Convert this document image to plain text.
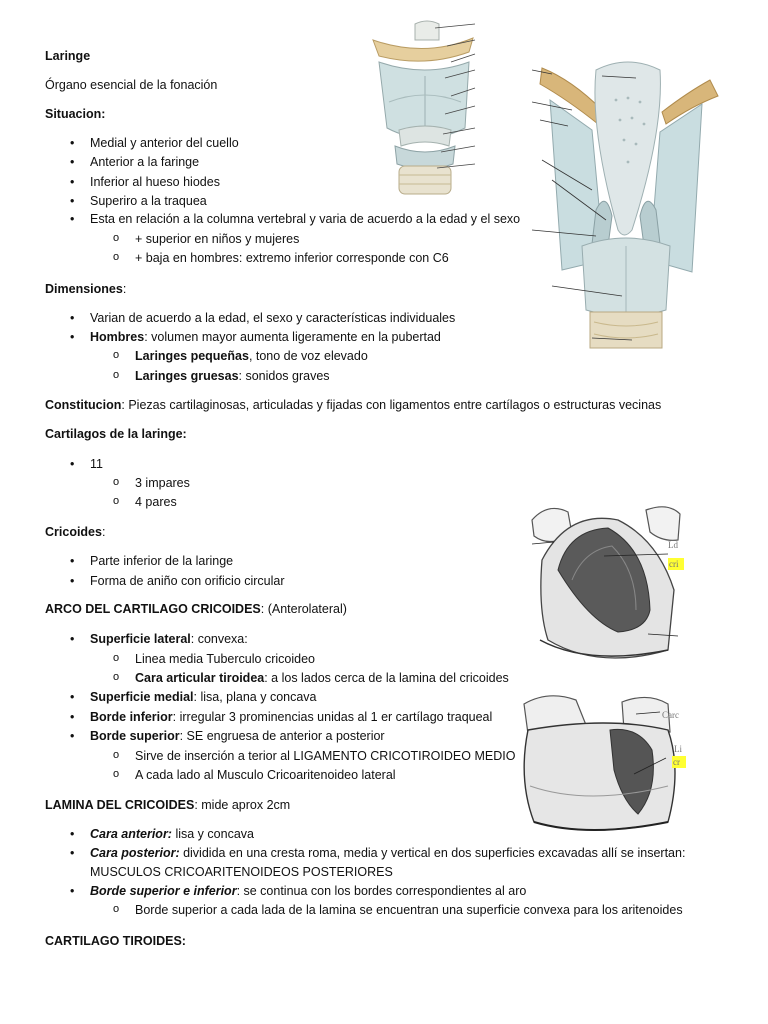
Laringe
Órgano esencial de la fonación
Situacion:
• Medial y anterior del cuello
• Anterior a la faringe
• Inferior al hueso hiodes
• Superiro a la traquea
• Esta en relación a la columna vertebral y varia de acuerdo a la edad y el sexo
o + superior en niños y mujeres
o + baja en hombres: extremo inferior corresponde con C6
Dimensiones:
• Varian de acuerdo a la edad, el sexo y características individuales
• Hombres: volumen mayor aumenta ligeramente en la pubertad
o Laringes pequeñas, tono de voz elevado
o Laringes gruesas: sonidos graves
Constitucion: Piezas cartilaginosas, articuladas y fijadas con ligamentos entre cartílagos o estructuras vecinas
Cartilagos de la laringe:
• 11
o 3 impares
o 4 pares
Cricoides:
• Parte inferior de la laringe
• Forma de aniño con orificio circular
ARCO DEL CARTILAGO CRICOIDES: (Anterolateral)
• Superficie lateral: convexa:
o Linea media Tuberculo cricoideo
o Cara articular tiroidea: a los lados cerca de la lamina del cricoides
• Superficie medial: lisa, plana y concava
• Borde inferior: irregular 3 prominencias unidas al 1 er cartílago traqueal
• Borde superior: SE engruesa de anterior a posterior
o Sirve de inserción a terior al LIGAMENTO CRICOTIROIDEO MEDIO
o A cada lado al Musculo Cricoaritenoideo lateral
LAMINA DEL CRICOIDES: mide aprox 2cm
• Cara anterior: lisa y concava
• Cara posterior: dividida en una cresta roma, media y vertical en dos superficies excavadas allí se insertan:
MUSCULOS CRICOARITENOIDEOS POSTERIORES
• Borde superior e inferior: se continua con los bordes correspondientes al aro
o Borde superior a cada lada de la lamina se encuentran una superficie convexa para los aritenoides
CARTILAGO TIROIDES:
Ld
cri
Carc
Li
cr
